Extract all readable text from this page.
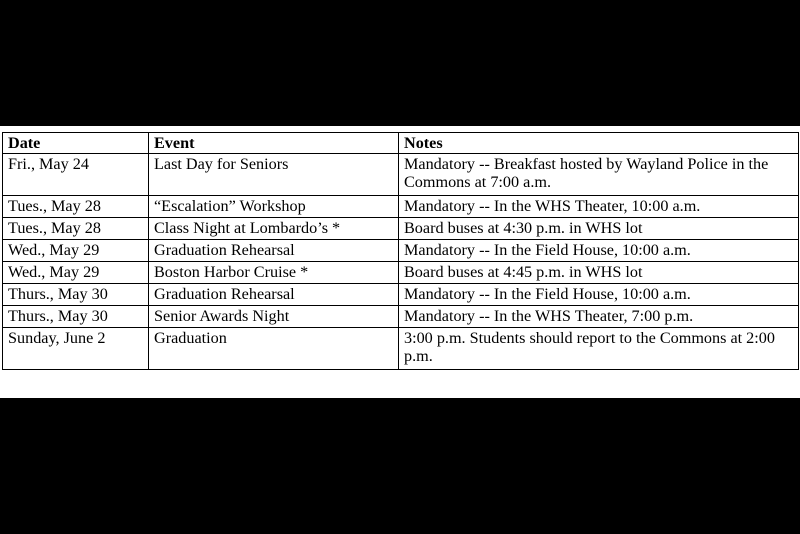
Date	Event	Notes
Fri., May 24	Last Day for Seniors	Mandatory -- Breakfast hosted by Wayland Police in the Commons at 7:00 a.m.
Tues., May 28	“Escalation” Workshop	Mandatory -- In the WHS Theater, 10:00 a.m.
Tues., May 28	Class Night at Lombardo’s *	Board buses at 4:30 p.m. in WHS lot
Wed., May 29	Graduation Rehearsal	Mandatory -- In the Field House, 10:00 a.m.
Wed., May 29	Boston Harbor Cruise *	Board buses at 4:45 p.m. in WHS lot
Thurs., May 30	Graduation Rehearsal	Mandatory -- In the Field House, 10:00 a.m.
Thurs., May 30	Senior Awards Night	Mandatory -- In the WHS Theater, 7:00 p.m.
Sunday, June 2	Graduation	3:00 p.m. Students should report to the Commons at 2:00 p.m.
